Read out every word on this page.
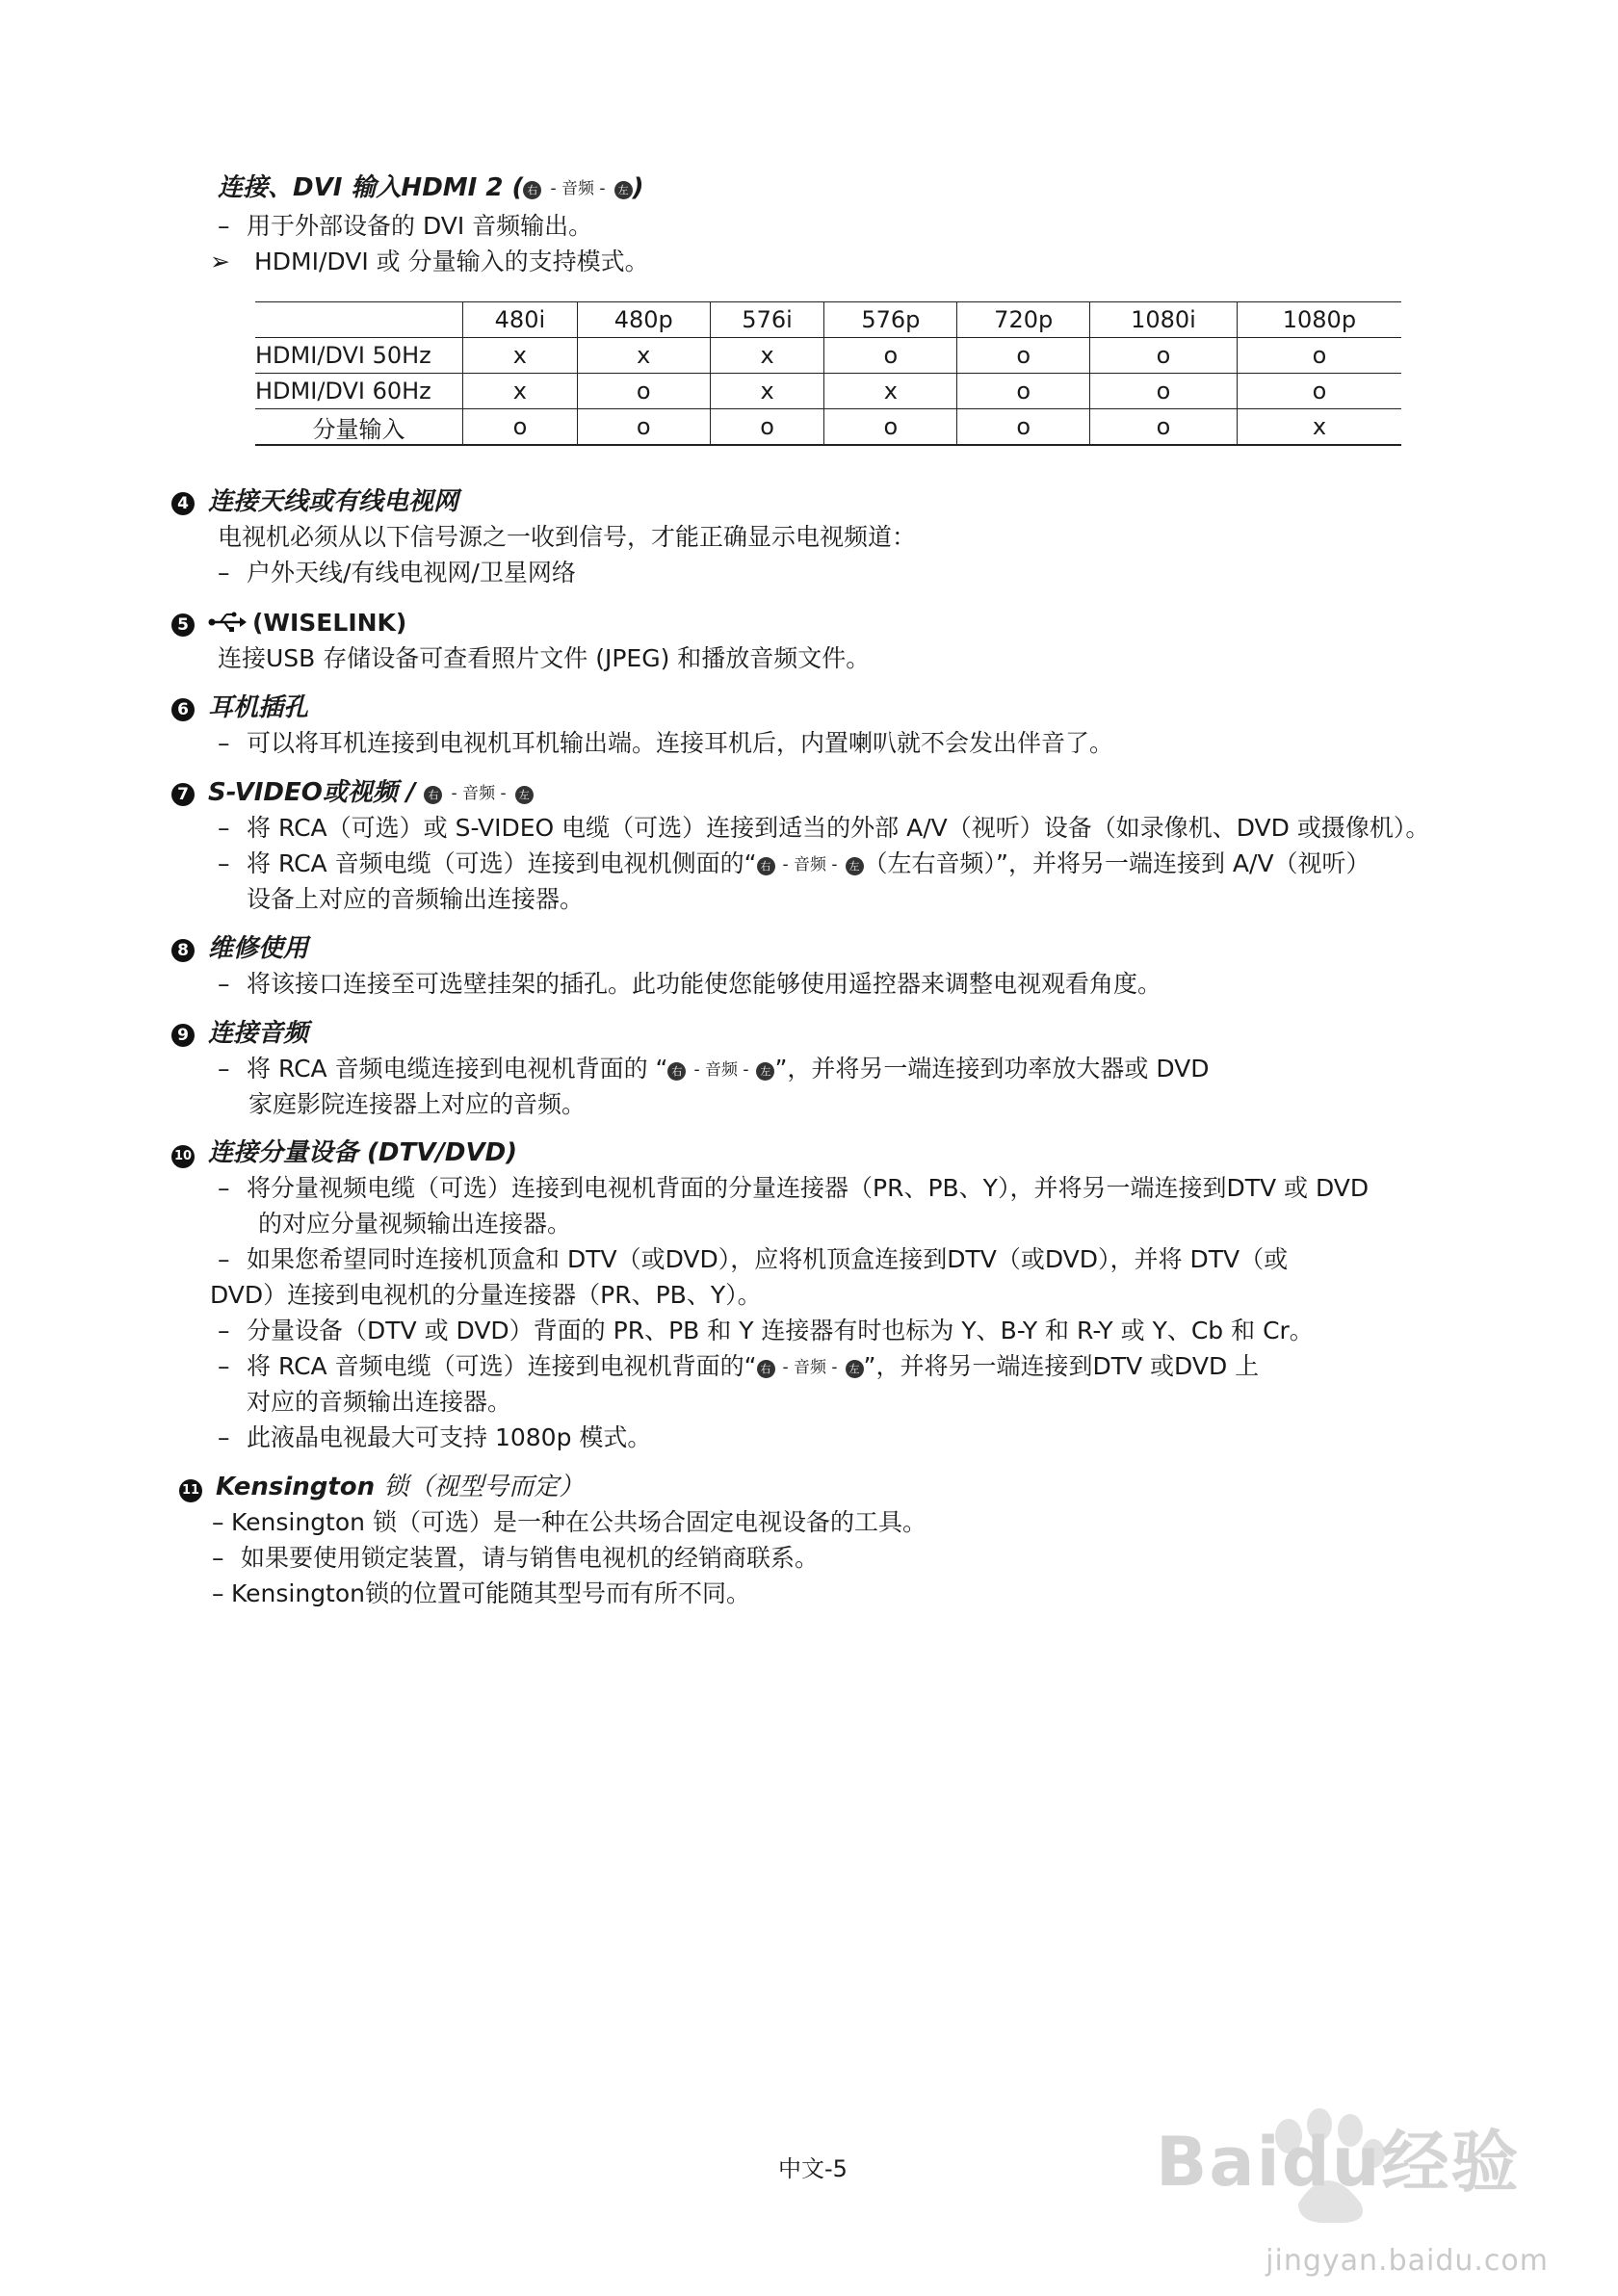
连接、DVI 输入HDMI 2 ( 右 - 音频 - 左 )
– 用于外部设备的 DVI 音频输出。
➢ HDMI/DVI 或 分量输入的支持模式。
	480i	480p	576i	576p	720p	1080i	1080p
HDMI/DVI 50Hz	x	x	x	o	o	o	o
HDMI/DVI 60Hz	x	o	x	x	o	o	o
分量输入	o	o	o	o	o	o	x
4 连接天线或有线电视网
电视机必须从以下信号源之一收到信号，才能正确显示电视频道：
– 户外天线/有线电视网/卫星网络
5	(WISELINK)
连接USB 存储设备可查看照片文件 (JPEG) 和播放音频文件。
6 耳机插孔
– 可以将耳机连接到电视机耳机输出端。连接耳机后，内置喇叭就不会发出伴音了。
7 S-VIDEO或视频 / 右 - 音频 - 左
– 将 RCA（可选）或 S-VIDEO 电缆（可选）连接到适当的外部 A/V（视听）设备（如录像机、DVD 或摄像机）。
– 将 RCA 音频电缆（可选）连接到电视机侧面的“ 右 - 音频 - 左 （左右音频）”，并将另一端连接到 A/V（视听）
设备上对应的音频输出连接器。
8 维修使用
– 将该接口连接至可选壁挂架的插孔。此功能使您能够使用遥控器来调整电视观看角度。
9 连接音频
– 将 RCA 音频电缆连接到电视机背面的 “ 右 - 音频 - 左 ”，并将另一端连接到功率放大器或 DVD
家庭影院连接器上对应的音频。
10 连接分量设备 (DTV/DVD)
– 将分量视频电缆（可选）连接到电视机背面的分量连接器（PR、PB、Y），并将另一端连接到DTV 或 DVD
的对应分量视频输出连接器。
– 如果您希望同时连接机顶盒和 DTV（或DVD），应将机顶盒连接到DTV（或DVD），并将 DTV（或
DVD）连接到电视机的分量连接器（PR、PB、Y）。
– 分量设备（DTV 或 DVD）背面的 PR、PB 和 Y 连接器有时也标为 Y、B-Y 和 R-Y 或 Y、Cb 和 Cr。
– 将 RCA 音频电缆（可选）连接到电视机背面的“ 右 - 音频 - 左 ”，并将另一端连接到DTV 或DVD 上
对应的音频输出连接器。
– 此液晶电视最大可支持 1080p 模式。
11 Kensington 锁（视型号而定）
– Kensington 锁（可选）是一种在公共场合固定电视设备的工具。
– 如果要使用锁定装置，请与销售电视机的经销商联系。
– Kensington锁的位置可能随其型号而有所不同。
中文-5	Baidu经验
jingyan.baidu.com
